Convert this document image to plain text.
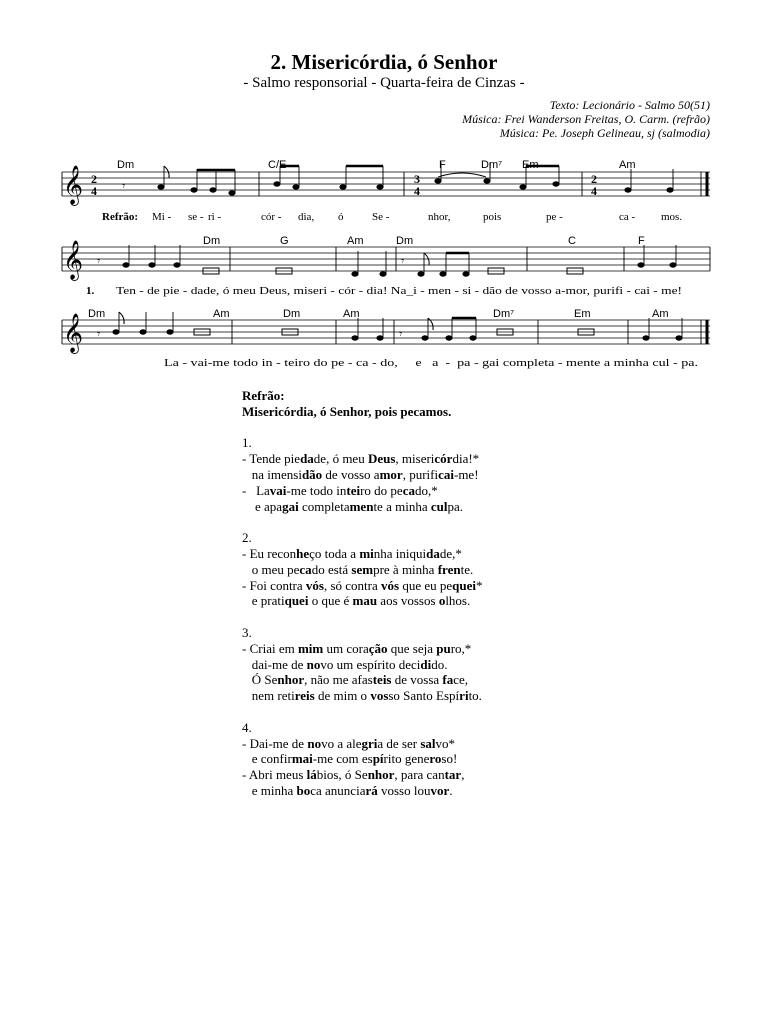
2. Misericórdia, ó Senhor
- Salmo responsorial - Quarta-feira de Cinzas -
Texto: Lecionário - Salmo 50(51)
Música: Frei Wanderson Freitas, O. Carm. (refrão)
Música: Pe. Joseph Gelineau, sj (salmodia)
𝄞 2
4 𝄾	3
4
2
4
Dm	C/E	F	Dm⁷ Em	Am
Refrão: Mi - se - ri -	cór - dia, ó	Se -	nhor,	pois	pe -	ca - mos.
𝄞 𝄾	𝄾
Dm	G	Am	Dm	C	F
1. Ten - de pie - dade, ó meu Deus, miseri - cór - dia! Na_i - men - si - dão de vosso a-mor, purifi - cai - me!
𝄞 𝄾	𝄾
Dm	Am	Dm	Am	Dm⁷	Em	Am
La - vai-me todo in - teiro do pe - ca - do,     e   a  -  pa - gai completa - mente a minha cul - pa.
Refrão:
Misericórdia, ó Senhor, pois pecamos.
1.
- Tende piedade, ó meu Deus, misericórdia!*
na imensidão de vosso amor, purificai-me!
-   Lavai-me todo inteiro do pecado,*
e apagai completamente a minha culpa.
2.
- Eu reconheço toda a minha iniquidade,*
o meu pecado está sempre à minha frente.
- Foi contra vós, só contra vós que eu pequei*
e pratiquei o que é mau aos vossos olhos.
3.
- Criai em mim um coração que seja puro,*
dai-me de novo um espírito decidido.
Ó Senhor, não me afasteis de vossa face,
nem retireis de mim o vosso Santo Espírito.
4.
- Dai-me de novo a alegria de ser salvo*
e confirmai-me com espírito generoso!
- Abri meus lábios, ó Senhor, para cantar,
e minha boca anunciará vosso louvor.
